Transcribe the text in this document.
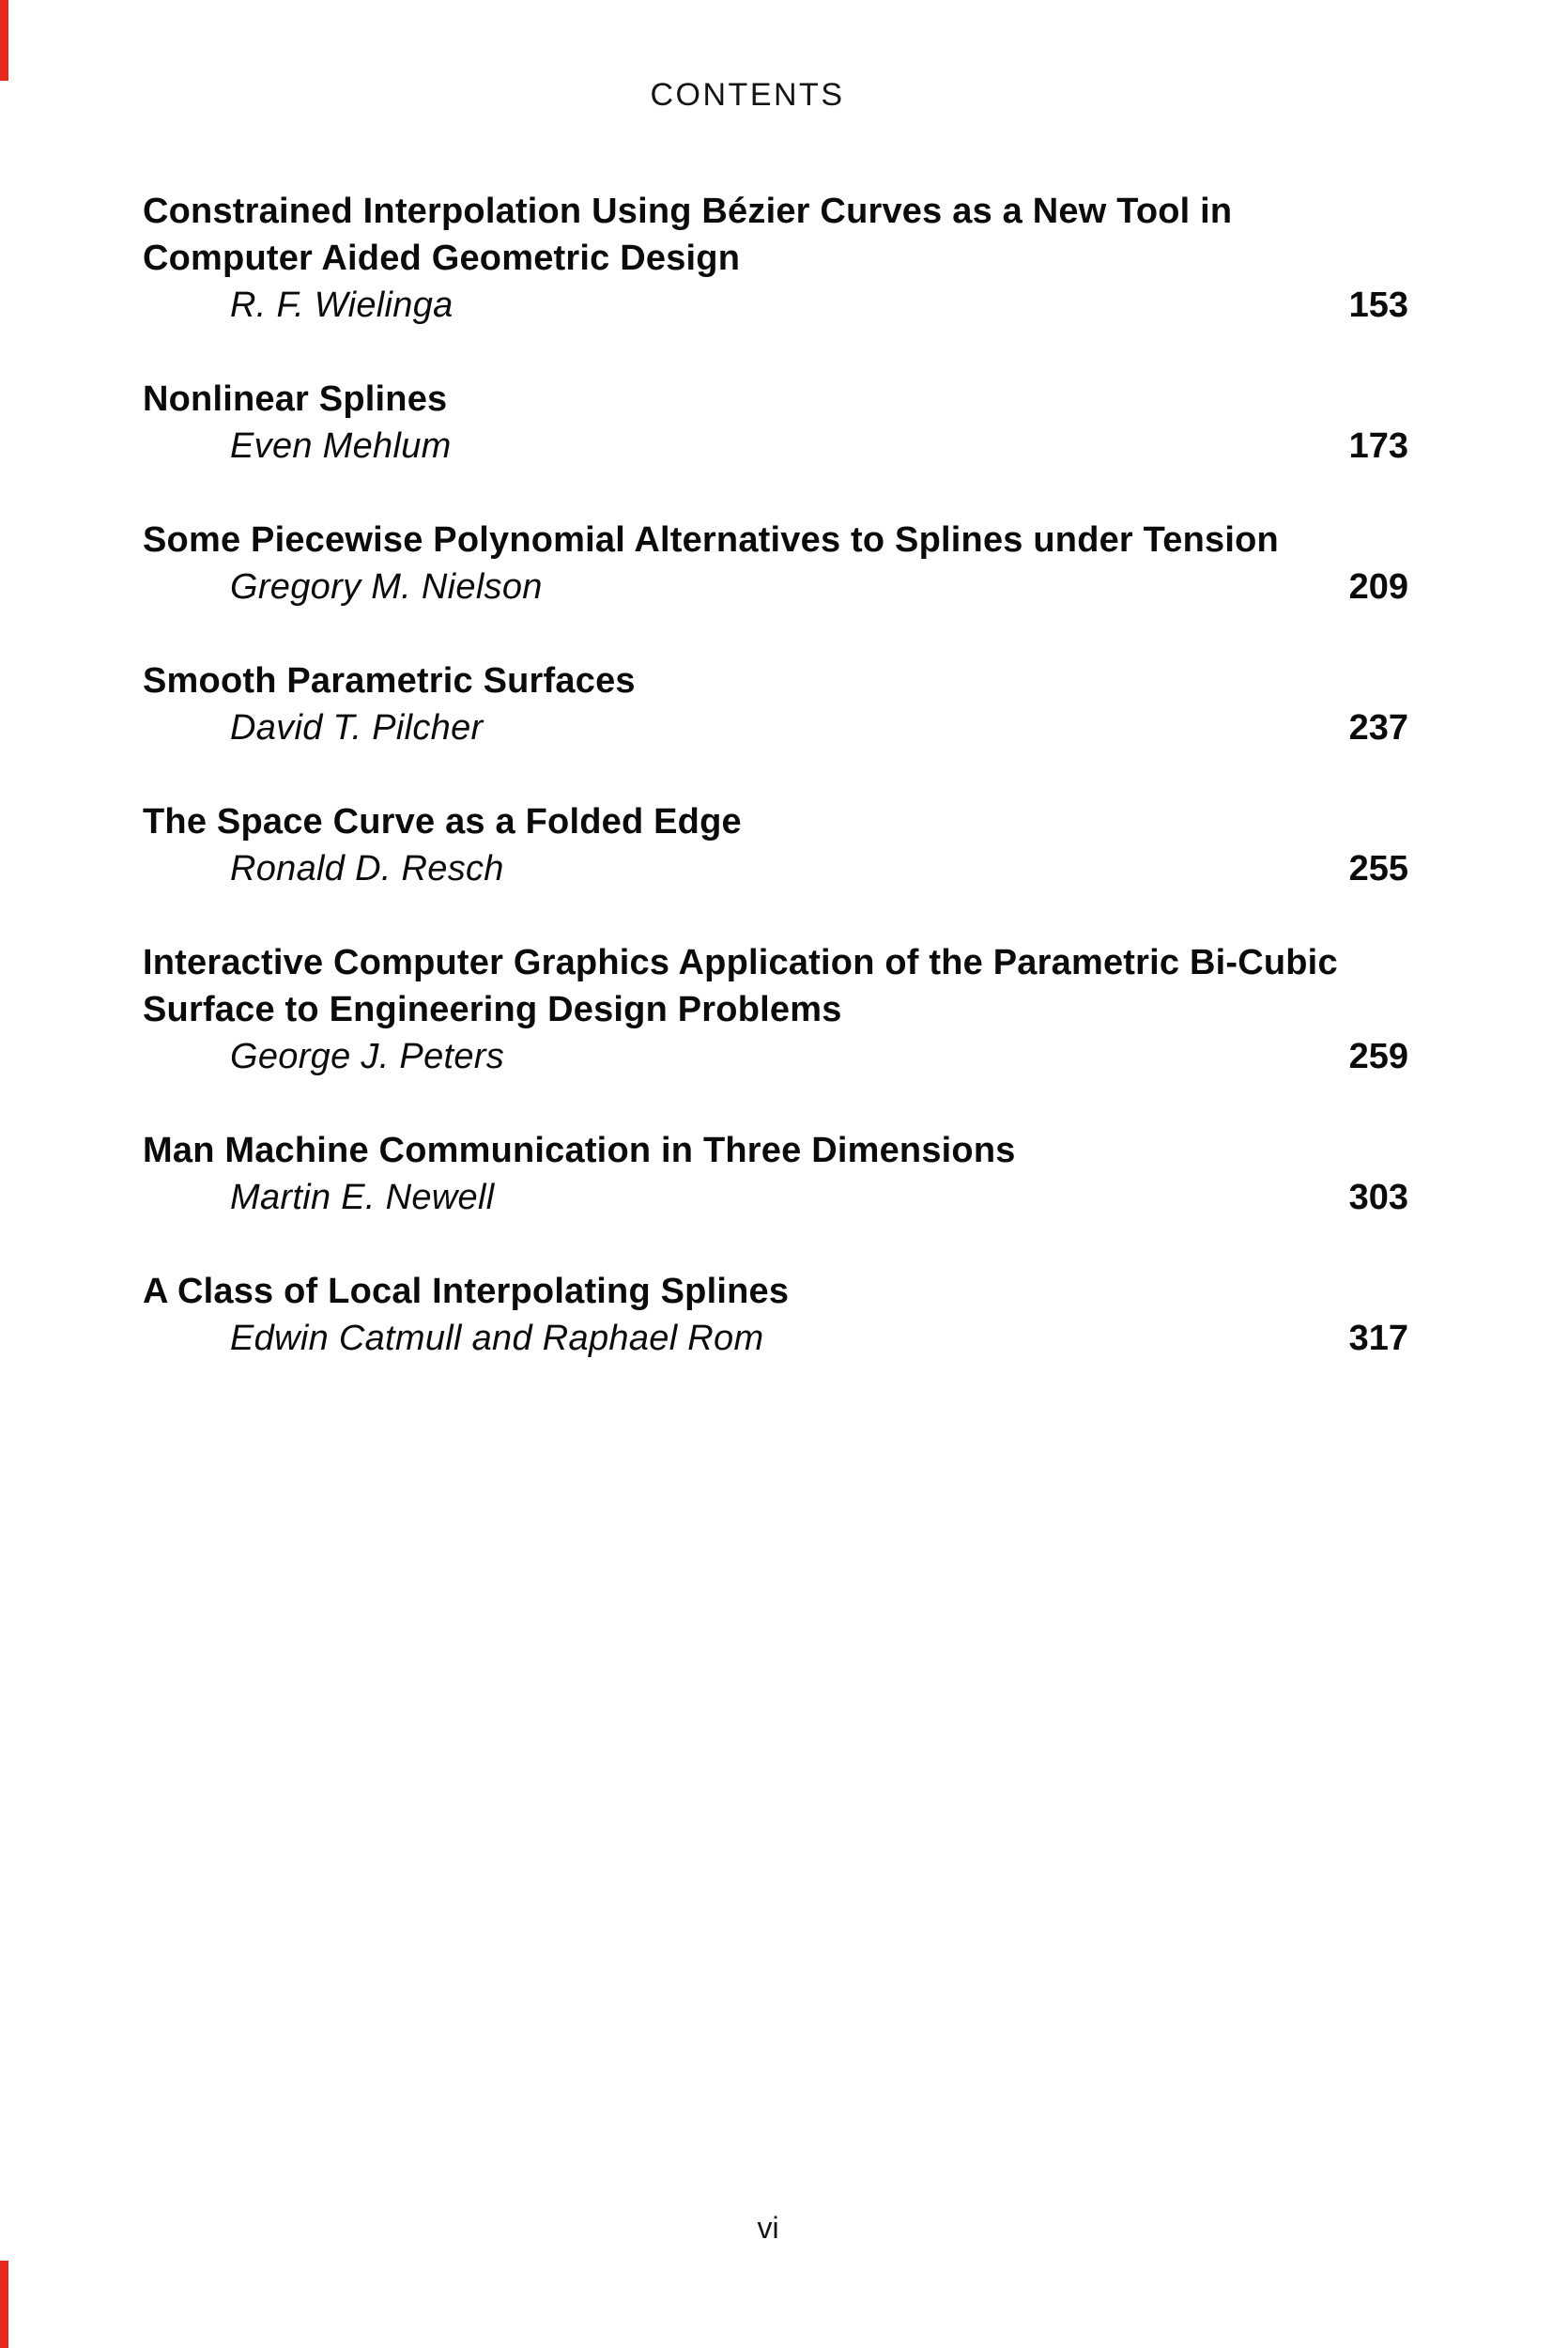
CONTENTS
Constrained Interpolation Using Bézier Curves as a New Tool in
Computer Aided Geometric Design
R. F. Wielinga	153
Nonlinear Splines
Even Mehlum	173
Some Piecewise Polynomial Alternatives to Splines under Tension
Gregory M. Nielson	209
Smooth Parametric Surfaces
David T. Pilcher	237
The Space Curve as a Folded Edge
Ronald D. Resch	255
Interactive Computer Graphics Application of the Parametric Bi-Cubic
Surface to Engineering Design Problems
George J. Peters	259
Man Machine Communication in Three Dimensions
Martin E. Newell	303
A Class of Local Interpolating Splines
Edwin Catmull and Raphael Rom	317
vi
